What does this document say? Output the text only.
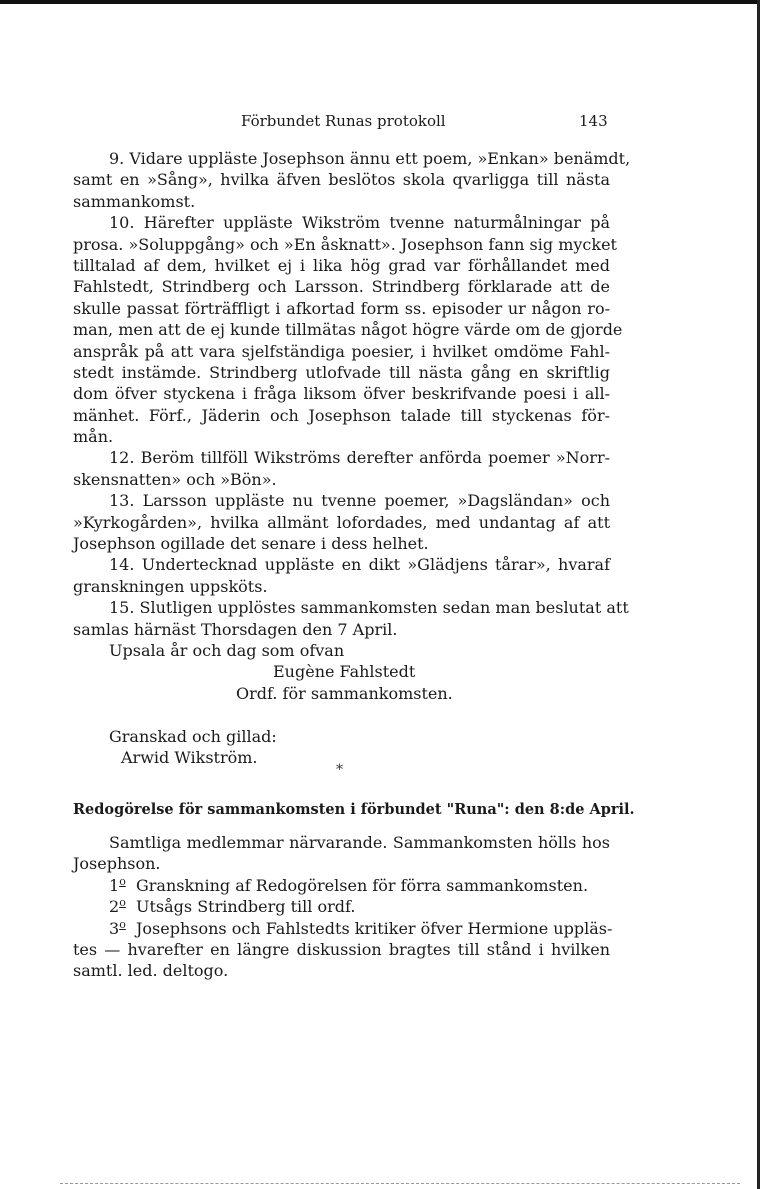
Förbundet Runas protokoll	143
9. Vidare uppläste Josephson ännu ett poem, »Enkan» benämdt,
samt en »Sång», hvilka äfven beslötos skola qvarligga till nästa
sammankomst.
10. Härefter uppläste Wikström tvenne naturmålningar på
prosa. »Soluppgång» och »En åsknatt». Josephson fann sig mycket
tilltalad af dem, hvilket ej i lika hög grad var förhållandet med
Fahlstedt, Strindberg och Larsson. Strindberg förklarade att de
skulle passat förträffligt i afkortad form ss. episoder ur någon ro-
man, men att de ej kunde tillmätas något högre värde om de gjorde
anspråk på att vara sjelfständiga poesier, i hvilket omdöme Fahl-
stedt instämde. Strindberg utlofvade till nästa gång en skriftlig
dom öfver styckena i fråga liksom öfver beskrifvande poesi i all-
mänhet. Förf., Jäderin och Josephson talade till styckenas för-
mån.
12. Beröm tillföll Wikströms derefter anförda poemer »Norr-
skensnatten» och »Bön».
13. Larsson uppläste nu tvenne poemer, »Dagsländan» och
»Kyrkogården», hvilka allmänt lofordades, med undantag af att
Josephson ogillade det senare i dess helhet.
14. Undertecknad uppläste en dikt »Glädjens tårar», hvaraf
granskningen uppsköts.
15. Slutligen upplöstes sammankomsten sedan man beslutat att
samlas härnäst Thorsdagen den 7 April.
Upsala år och dag som ofvan
Eugène Fahlstedt
Ordf. för sammankomsten.
Granskad och gillad:
Arwid Wikström.
*
Redogörelse för sammankomsten i förbundet "Runa": den 8:de April.
Samtliga medlemmar närvarande. Sammankomsten hölls hos
Josephson.
1$^o$ Granskning af Redogörelsen för förra sammankomsten.
2$^o$ Utsågs Strindberg till ordf.
3$^o$ Josephsons och Fahlstedts kritiker öfver Hermione uppläs-
tes — hvarefter en längre diskussion bragtes till stånd i hvilken
samtl. led. deltogo.
